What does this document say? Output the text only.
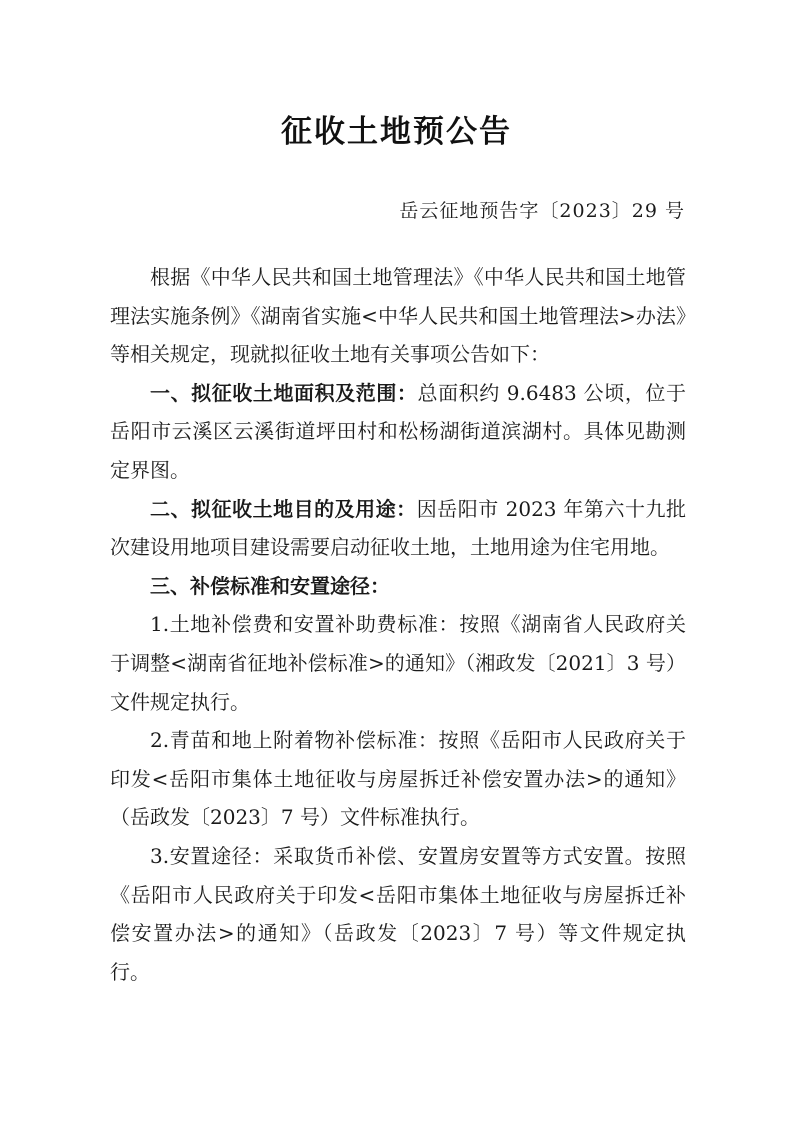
征收土地预公告
岳云征地预告字〔2023〕29 号

根据《中华人民共和国土地管理法》《中华人民共和国土地管理法实施条例》《湖南省实施<中华人民共和国土地管理法>办法》等相关规定，现就拟征收土地有关事项公告如下：

一、拟征收土地面积及范围：总面积约 9.6483 公顷，位于岳阳市云溪区云溪街道坪田村和松杨湖街道滨湖村。具体见勘测定界图。

二、拟征收土地目的及用途：因岳阳市 2023 年第六十九批次建设用地项目建设需要启动征收土地，土地用途为住宅用地。

三、补偿标准和安置途径：

1.土地补偿费和安置补助费标准：按照《湖南省人民政府关于调整<湖南省征地补偿标准>的通知》（湘政发〔2021〕3 号）文件规定执行。

2.青苗和地上附着物补偿标准：按照《岳阳市人民政府关于印发<岳阳市集体土地征收与房屋拆迁补偿安置办法>的通知》（岳政发〔2023〕7 号）文件标准执行。

3.安置途径：采取货币补偿、安置房安置等方式安置。按照《岳阳市人民政府关于印发<岳阳市集体土地征收与房屋拆迁补偿安置办法>的通知》（岳政发〔2023〕7 号）等文件规定执行。
